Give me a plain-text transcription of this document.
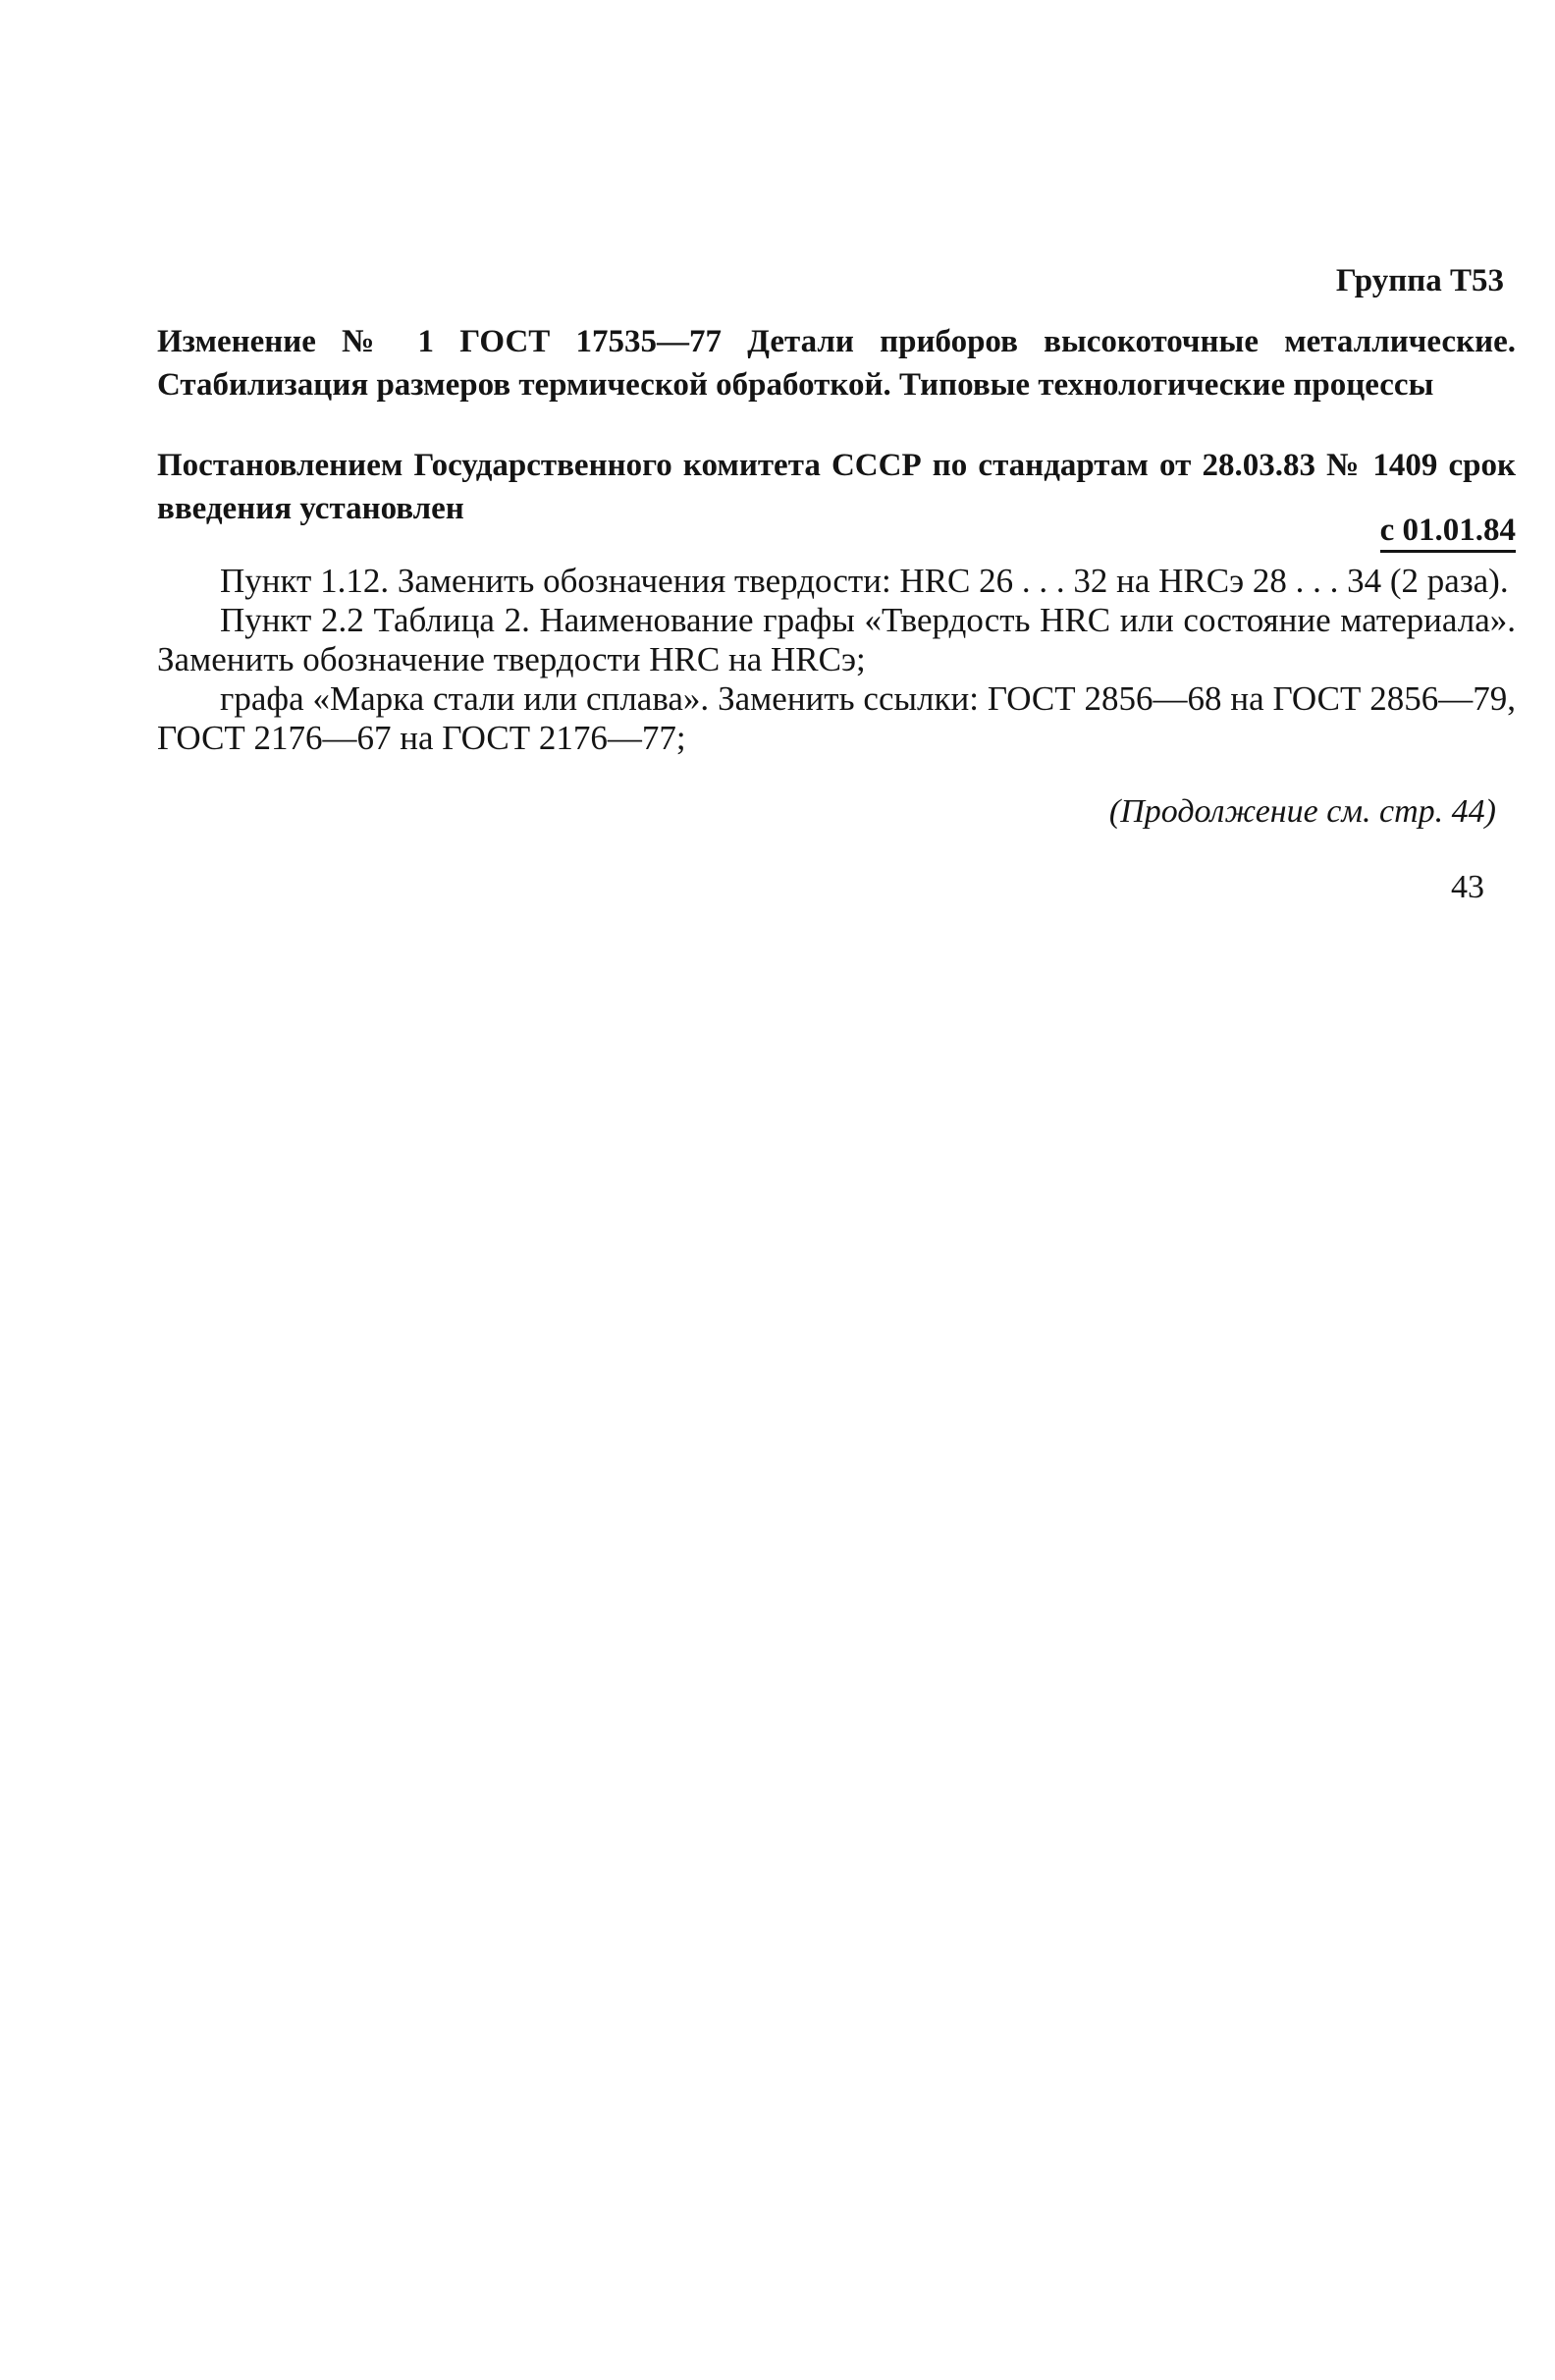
Группа Т53
Изменение № 1 ГОСТ 17535—77 Детали приборов высокоточные металлические. Стабилизация размеров термической обработкой. Типовые технологические процессы
Постановлением Государственного комитета СССР по стандартам от 28.03.83 № 1409 срок введения установлен
с 01.01.84

Пункт 1.12. Заменить обозначения твердости: HRC 26 . . . 32 на HRCэ 28 . . . 34 (2 раза).

Пункт 2.2 Таблица 2. Наименование графы «Твердость HRC или состояние материала». Заменить обозначение твердости HRC на HRCэ;

графа «Марка стали или сплава». Заменить ссылки: ГОСТ 2856—68 на ГОСТ 2856—79, ГОСТ 2176—67 на ГОСТ 2176—77;

(Продолжение см. стр. 44)
43
